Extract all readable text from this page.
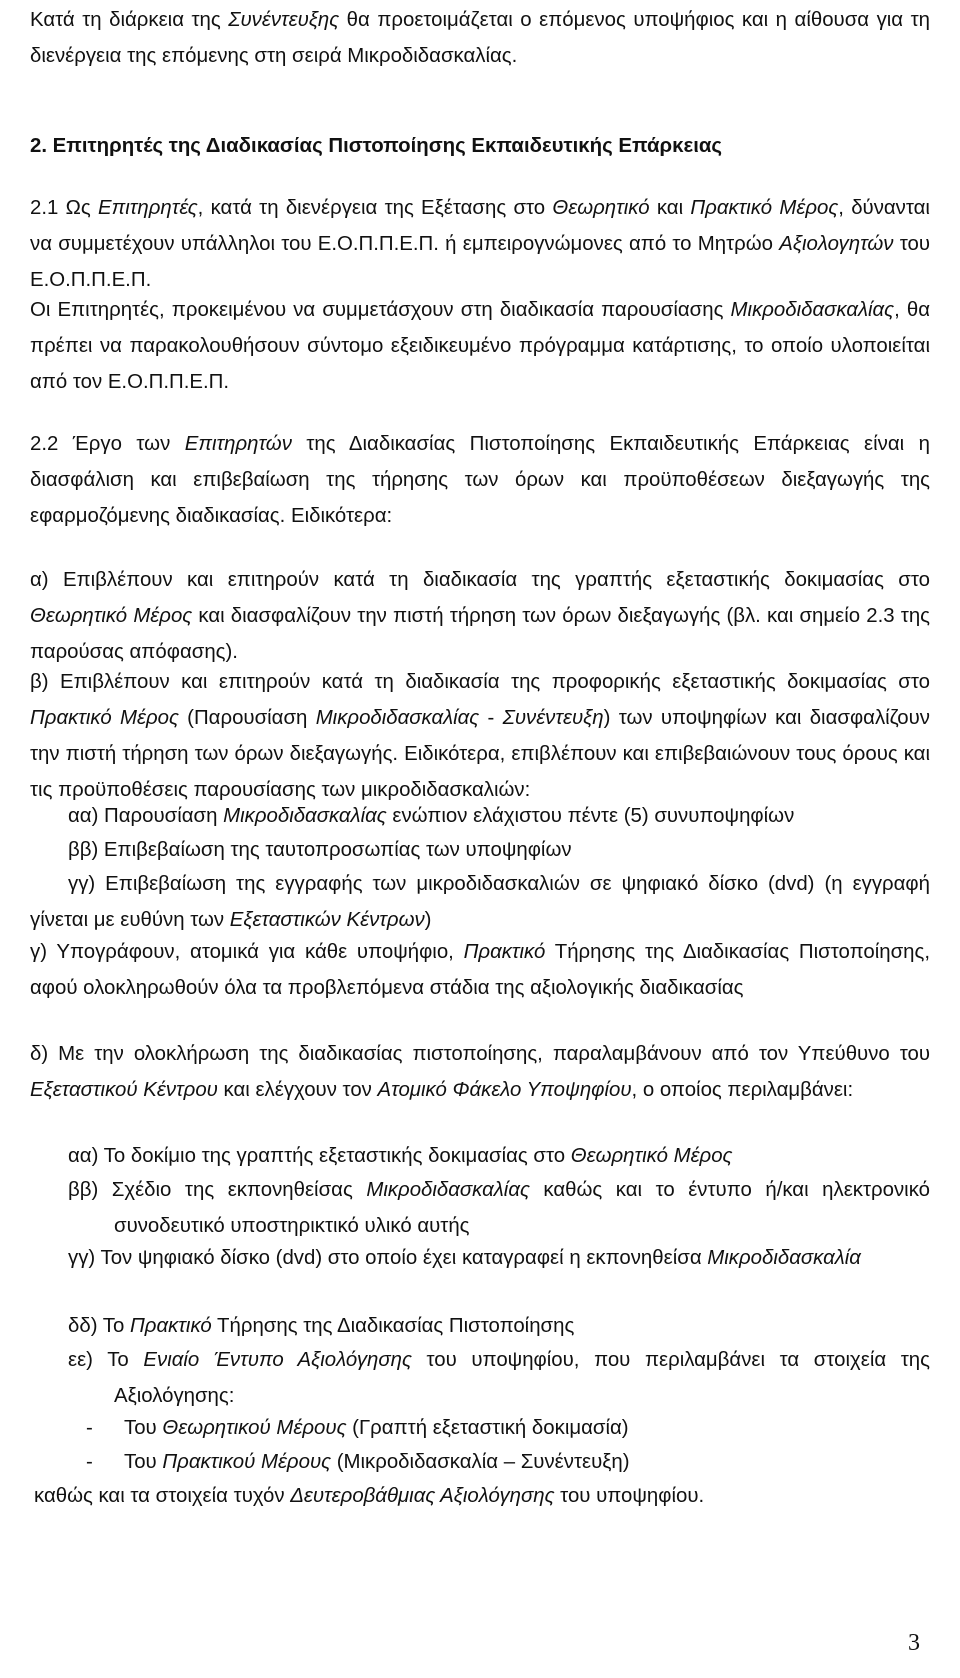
Κατά τη διάρκεια της Συνέντευξης θα προετοιμάζεται ο επόμενος υποψήφιος και η αίθουσα για τη διενέργεια της επόμενης στη σειρά Μικροδιδασκαλίας.

2. Επιτηρητές της Διαδικασίας Πιστοποίησης Εκπαιδευτικής Επάρκειας

2.1 Ως Επιτηρητές, κατά τη διενέργεια της Εξέτασης στο Θεωρητικό και Πρακτικό Μέρος, δύνανται να συμμετέχουν υπάλληλοι του Ε.Ο.Π.Π.Ε.Π. ή εμπειρογνώμονες από το Μητρώο Αξιολογητών του Ε.Ο.Π.Π.Ε.Π.

Οι Επιτηρητές, προκειμένου να συμμετάσχουν στη διαδικασία παρουσίασης Μικροδιδασκαλίας, θα πρέπει να παρακολουθήσουν σύντομο εξειδικευμένο πρόγραμμα κατάρτισης, το οποίο υλοποιείται από τον Ε.Ο.Π.Π.Ε.Π.

2.2 Έργο των Επιτηρητών της Διαδικασίας Πιστοποίησης Εκπαιδευτικής Επάρκειας είναι η διασφάλιση και επιβεβαίωση της τήρησης των όρων και προϋποθέσεων διεξαγωγής της εφαρμοζόμενης διαδικασίας. Ειδικότερα:

α) Επιβλέπουν και επιτηρούν κατά τη διαδικασία της γραπτής εξεταστικής δοκιμασίας στο Θεωρητικό Μέρος και διασφαλίζουν την πιστή τήρηση των όρων διεξαγωγής (βλ. και σημείο 2.3 της παρούσας απόφασης).

β) Επιβλέπουν και επιτηρούν κατά τη διαδικασία της προφορικής εξεταστικής δοκιμασίας στο Πρακτικό Μέρος (Παρουσίαση Μικροδιδασκαλίας - Συνέντευξη) των υποψηφίων και διασφαλίζουν την πιστή τήρηση των όρων διεξαγωγής. Ειδικότερα, επιβλέπουν και επιβεβαιώνουν τους όρους και τις προϋποθέσεις παρουσίασης των μικροδιδασκαλιών:

αα) Παρουσίαση Μικροδιδασκαλίας ενώπιον ελάχιστου πέντε (5) συνυποψηφίων

ββ) Επιβεβαίωση της ταυτοπροσωπίας των υποψηφίων

γγ) Επιβεβαίωση της εγγραφής των μικροδιδασκαλιών σε ψηφιακό δίσκο (dvd) (η εγγραφή γίνεται με ευθύνη των Εξεταστικών Κέντρων)

γ) Υπογράφουν, ατομικά για κάθε υποψήφιο, Πρακτικό Τήρησης της Διαδικασίας Πιστοποίησης, αφού ολοκληρωθούν όλα τα προβλεπόμενα στάδια της αξιολογικής διαδικασίας

δ) Με την ολοκλήρωση της διαδικασίας πιστοποίησης, παραλαμβάνουν από τον Υπεύθυνο του Εξεταστικού Κέντρου και ελέγχουν τον Ατομικό Φάκελο Υποψηφίου, ο οποίος περιλαμβάνει:

αα) Το δοκίμιο της γραπτής εξεταστικής δοκιμασίας στο Θεωρητικό Μέρος

ββ) Σχέδιο της εκπονηθείσας Μικροδιδασκαλίας καθώς και το έντυπο ή/και ηλεκτρονικό συνοδευτικό υποστηρικτικό υλικό αυτής

γγ) Τον ψηφιακό δίσκο (dvd) στο οποίο έχει καταγραφεί η εκπονηθείσα Μικροδιδασκαλία

δδ) Το Πρακτικό Τήρησης της Διαδικασίας Πιστοποίησης

εε) Το Ενιαίο Έντυπο Αξιολόγησης του υποψηφίου, που περιλαμβάνει τα στοιχεία της Αξιολόγησης:

- Του Θεωρητικού Μέρους (Γραπτή εξεταστική δοκιμασία)
- Του Πρακτικού Μέρους (Μικροδιδασκαλία – Συνέντευξη)

καθώς και τα στοιχεία τυχόν Δευτεροβάθμιας Αξιολόγησης του υποψηφίου.

3
